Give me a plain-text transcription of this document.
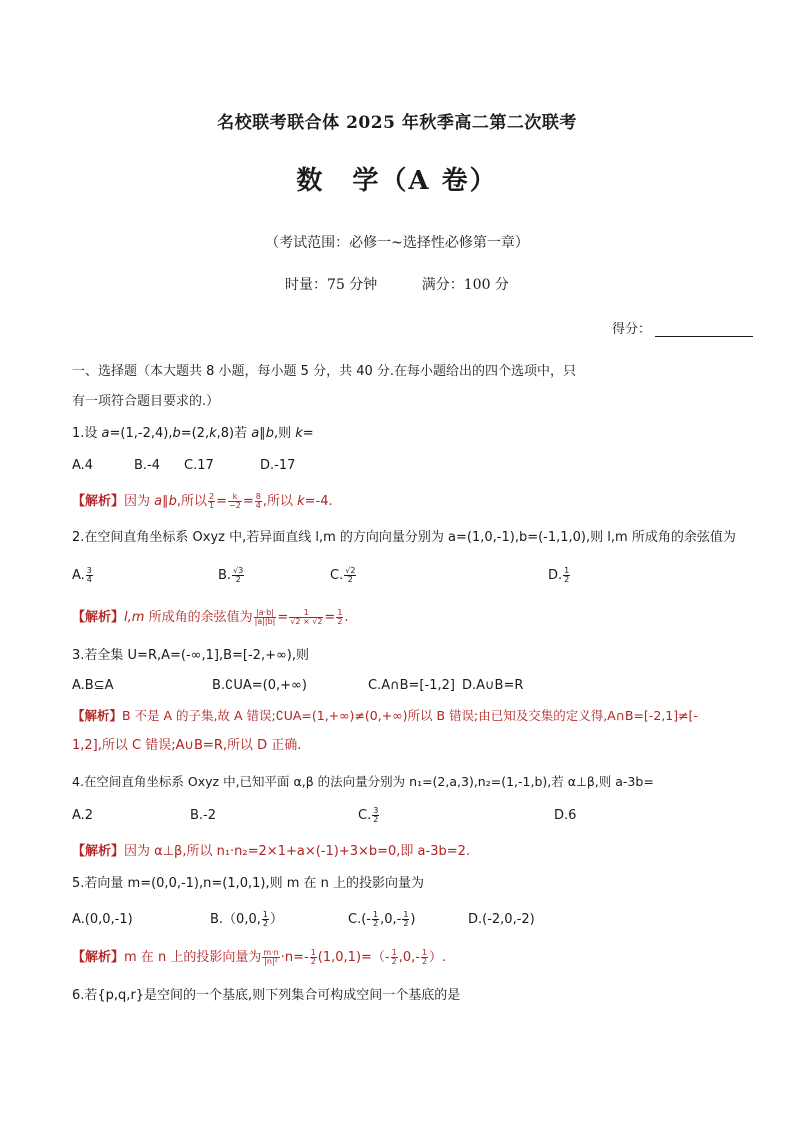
名校联考联合体 2025 年秋季高二第二次联考
数　学（A 卷）
（考试范围：必修一~选择性必修第一章）
时量：75 分钟	满分：100 分
得分：
一、选择题（本大题共 8 小题，每小题 5 分，共 40 分.在每小题给出的四个选项中，只
有一项符合题目要求的.）
1.设 a=(1,-2,4),b=(2,k,8)若 a∥b,则 k=
A.4	B.-4 C.17	D.-17
【解析】因为 a∥b,所以 $\frac{2}{1} = \frac{k}{-2} = \frac{8}{4}$ ,所以 k=-4.
2.在空间直角坐标系 Oxyz 中,若异面直线 l,m 的方向向量分别为 a=(1,0,-1),b=(-1,1,0),则 l,m 所成角的余弦值为
A. $\frac{3}{4}$	B. $\frac{√3}{2}$	C. $\frac{√2}{2}$	D. $\frac{1}{2}$
【解析】l,m 所成角的余弦值为 $\frac{|a\cdot b|}{|a||b|} = \frac{1}{√2 \times √2} = \frac{1}{2}$ .
3.若全集 U=R,A=(-∞,1],B=[-2,+∞),则
A.B⊆A	B.∁UA=(0,+∞)	C.A∩B=[-1,2] D.A∪B=R
【解析】B 不是 A 的子集,故 A 错误;∁UA=(1,+∞)≠(0,+∞)所以 B 错误;由已知及交集的定义得,A∩B=[-2,1]≠[-
1,2],所以 C 错误;A∪B=R,所以 D 正确.
4.在空间直角坐标系 Oxyz 中,已知平面 α,β 的法向量分别为 n₁=(2,a,3),n₂=(1,-1,b),若 α⊥β,则 a-3b=
A.2	B.-2	C. $\frac{3}{2}$	D.6
【解析】因为 α⊥β,所以 n₁·n₂=2×1+a×(-1)+3×b=0,即 a-3b=2.
5.若向量 m=(0,0,-1),n=(1,0,1),则 m 在 n 上的投影向量为
A.(0,0,-1)	B.（0,0, $\frac{1}{2}$ ）	$C.(- \frac{1}{2} ,0,- \frac{1}{2}$ )	D.(-2,0,-2)
【解析】m 在 n 上的投影向量为 $\frac{m\cdot n}{\text{|n|²}} \cdot n=- \frac{1}{2} (1,0,1)=(- \frac{1}{2} ,0,- \frac{1}{2}$ ）.
6.若{p,q,r}是空间的一个基底,则下列集合可构成空间一个基底的是
